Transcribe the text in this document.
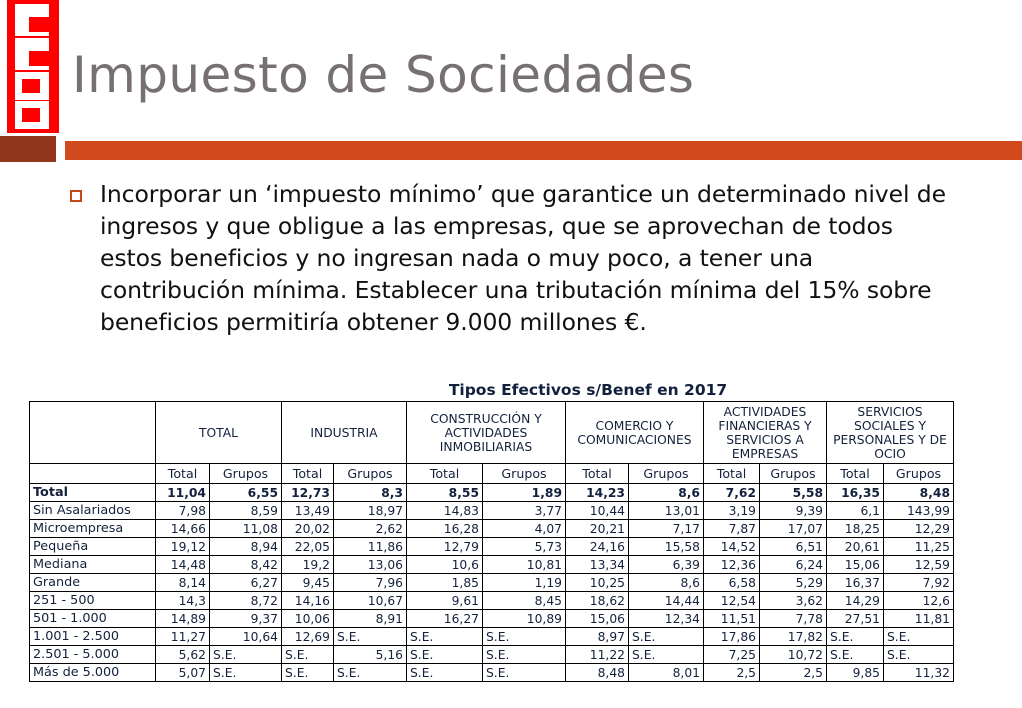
Impuesto de Sociedades
Incorporar un ‘impuesto mínimo’ que garantice un determinado nivel de ingresos y que obligue a las empresas, que se aprovechan de todos estos beneficios y no ingresan nada o muy poco, a tener una contribución mínima. Establecer una tributación mínima del 15% sobre beneficios permitiría obtener 9.000 millones €.
Tipos Efectivos s/Benef en 2017
	TOTAL		INDUSTRIA		CONSTRUCCIÓN Y ACTIVIDADES INMOBILIARIAS		COMERCIO Y COMUNICACIONES		ACTIVIDADES FINANCIERAS Y SERVICIOS A EMPRESAS		SERVICIOS SOCIALES Y PERSONALES Y DE OCIO	
	Total	Grupos	Total	Grupos	Total	Grupos	Total	Grupos	Total	Grupos	Total	Grupos
Total	11,04	6,55	12,73	8,3	8,55	1,89	14,23	8,6	7,62	5,58	16,35	8,48
Sin Asalariados	7,98	8,59	13,49	18,97	14,83	3,77	10,44	13,01	3,19	9,39	6,1	143,99
Microempresa	14,66	11,08	20,02	2,62	16,28	4,07	20,21	7,17	7,87	17,07	18,25	12,29
Pequeña	19,12	8,94	22,05	11,86	12,79	5,73	24,16	15,58	14,52	6,51	20,61	11,25
Mediana	14,48	8,42	19,2	13,06	10,6	10,81	13,34	6,39	12,36	6,24	15,06	12,59
Grande	8,14	6,27	9,45	7,96	1,85	1,19	10,25	8,6	6,58	5,29	16,37	7,92
251 - 500	14,3	8,72	14,16	10,67	9,61	8,45	18,62	14,44	12,54	3,62	14,29	12,6
501 - 1.000	14,89	9,37	10,06	8,91	16,27	10,89	15,06	12,34	11,51	7,78	27,51	11,81
1.001 - 2.500	11,27	10,64	12,69	S.E.	S.E.	S.E.	8,97	S.E.	17,86	17,82	S.E.	S.E.
2.501 - 5.000	5,62	S.E.	S.E.	5,16	S.E.	S.E.	11,22	S.E.	7,25	10,72	S.E.	S.E.
Más de 5.000	5,07	S.E.	S.E.	S.E.	S.E.	S.E.	8,48	8,01	2,5	2,5	9,85	11,32
